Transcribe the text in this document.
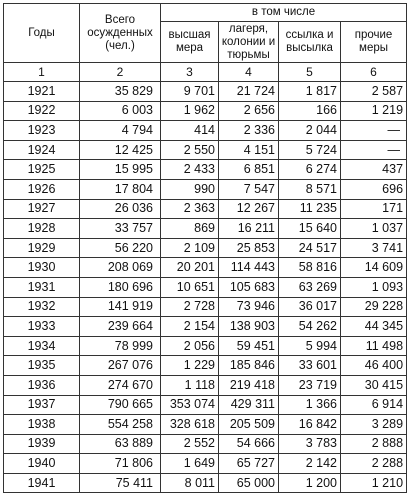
Годы	Всего осужденных (чел.)	в том числе			
		высшая мера	лагеря, колонии и тюрьмы	ссылка и высылка	прочие меры
1	2	3	4	5	6
1921	35 829	9 701	21 724	1 817	2 587
1922	6 003	1 962	2 656	166	1 219
1923	4 794	414	2 336	2 044	—
1924	12 425	2 550	4 151	5 724	—
1925	15 995	2 433	6 851	6 274	437
1926	17 804	990	7 547	8 571	696
1927	26 036	2 363	12 267	11 235	171
1928	33 757	869	16 211	15 640	1 037
1929	56 220	2 109	25 853	24 517	3 741
1930	208 069	20 201	114 443	58 816	14 609
1931	180 696	10 651	105 683	63 269	1 093
1932	141 919	2 728	73 946	36 017	29 228
1933	239 664	2 154	138 903	54 262	44 345
1934	78 999	2 056	59 451	5 994	11 498
1935	267 076	1 229	185 846	33 601	46 400
1936	274 670	1 118	219 418	23 719	30 415
1937	790 665	353 074	429 311	1 366	6 914
1938	554 258	328 618	205 509	16 842	3 289
1939	63 889	2 552	54 666	3 783	2 888
1940	71 806	1 649	65 727	2 142	2 288
1941	75 411	8 011	65 000	1 200	1 210
